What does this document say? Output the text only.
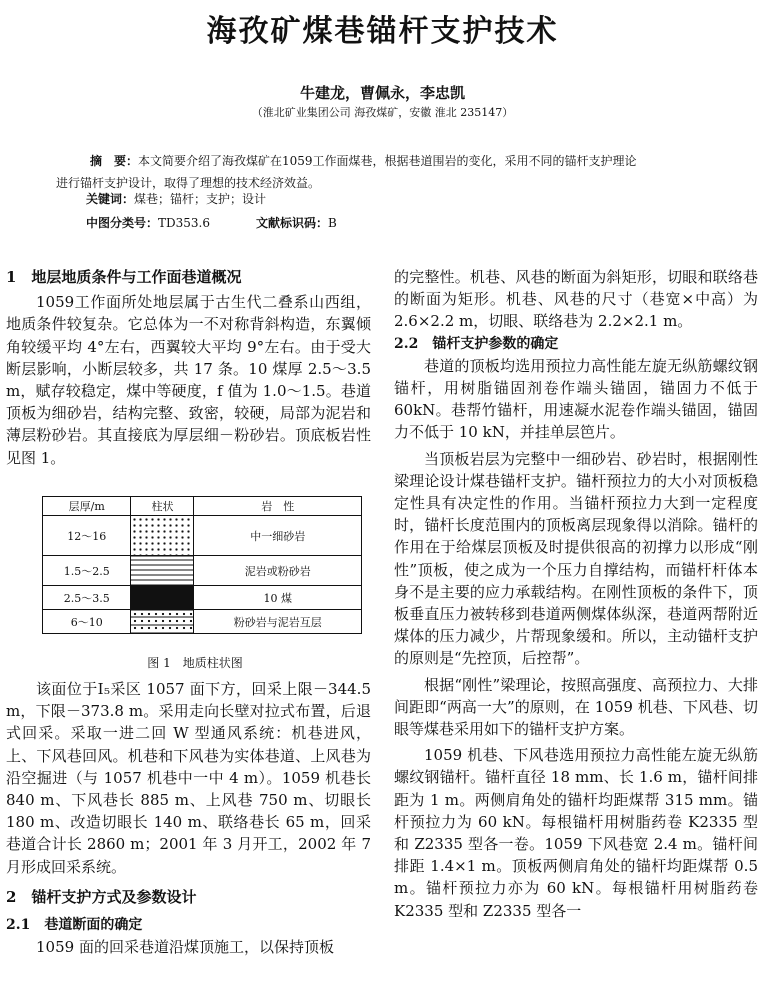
海孜矿煤巷锚杆支护技术
牛建龙，曹佩永，李忠凯
（淮北矿业集团公司 海孜煤矿，安徽 淮北 235147）
摘　要：本文简要介绍了海孜煤矿在1059工作面煤巷，根据巷道围岩的变化，采用不同的锚杆支护理论
进行锚杆支护设计，取得了理想的技术经济效益。
关键词：煤巷；锚杆；支护；设计
中图分类号：TD353.6	文献标识码：B
1　地层地质条件与工作面巷道概况

1059工作面所处地层属于古生代二叠系山西组，地质条件较复杂。它总体为一不对称背斜构造，东翼倾角较缓平均 4°左右，西翼较大平均 9°左右。由于受大断层影响，小断层较多，共 17 条。10 煤厚 2.5～3.5 m，赋存较稳定，煤中等硬度，f 值为 1.0～1.5。巷道顶板为细砂岩，结构完整、致密，较硬，局部为泥岩和薄层粉砂岩。其直接底为厚层细－粉砂岩。顶底板岩性见图 1。

层厚/m	柱状	岩　性
12～16		中一细砂岩
1.5～2.5		泥岩或粉砂岩
2.5～3.5		10 煤
6～10		粉砂岩与泥岩互层
图 1　地质柱状图

该面位于Ⅰ₅采区 1057 面下方，回采上限－344.5 m，下限－373.8 m。采用走向长壁对拉式布置，后退式回采。采取一进二回 W 型通风系统：机巷进风，上、下风巷回风。机巷和下风巷为实体巷道、上风巷为沿空掘进（与 1057 机巷中一中 4 m）。1059 机巷长 840 m、下风巷长 885 m、上风巷 750 m、切眼长 180 m、改造切眼长 140 m、联络巷长 65 m，回采巷道合计长 2860 m；2001 年 3 月开工，2002 年 7 月形成回采系统。

2　锚杆支护方式及参数设计
2.1　巷道断面的确定

1059 面的回采巷道沿煤顶施工，以保持顶板

的完整性。机巷、风巷的断面为斜矩形，切眼和联络巷的断面为矩形。机巷、风巷的尺寸（巷宽×中高）为 2.6×2.2 m，切眼、联络巷为 2.2×2.1 m。

2.2　锚杆支护参数的确定

巷道的顶板均选用预拉力高性能左旋无纵筋螺纹钢锚杆，用树脂锚固剂卷作端头锚固，锚固力不低于 60kN。巷帮竹锚杆，用速凝水泥卷作端头锚固，锚固力不低于 10 kN，并挂单层笆片。

当顶板岩层为完整中一细砂岩、砂岩时，根据刚性梁理论设计煤巷锚杆支护。锚杆预拉力的大小对顶板稳定性具有决定性的作用。当锚杆预拉力大到一定程度时，锚杆长度范围内的顶板离层现象得以消除。锚杆的作用在于给煤层顶板及时提供很高的初撑力以形成“刚性”顶板，使之成为一个压力自撑结构，而锚杆杆体本身不是主要的应力承载结构。在刚性顶板的条件下，顶板垂直压力被转移到巷道两侧煤体纵深，巷道两帮附近煤体的压力减少，片帮现象缓和。所以，主动锚杆支护的原则是“先控顶，后控帮”。

根据“刚性”梁理论，按照高强度、高预拉力、大排间距即“两高一大”的原则，在 1059 机巷、下风巷、切眼等煤巷采用如下的锚杆支护方案。

1059 机巷、下风巷选用预拉力高性能左旋无纵筋螺纹钢锚杆。锚杆直径 18 mm、长 1.6 m，锚杆间排距为 1 m。两侧肩角处的锚杆均距煤帮 315 mm。锚杆预拉力为 60 kN。每根锚杆用树脂药卷 K2335 型和 Z2335 型各一卷。1059 下风巷宽 2.4 m。锚杆间排距 1.4×1 m。顶板两侧肩角处的锚杆均距煤帮 0.5 m。锚杆预拉力亦为 60 kN。每根锚杆用树脂药卷 K2335 型和 Z2335 型各一
